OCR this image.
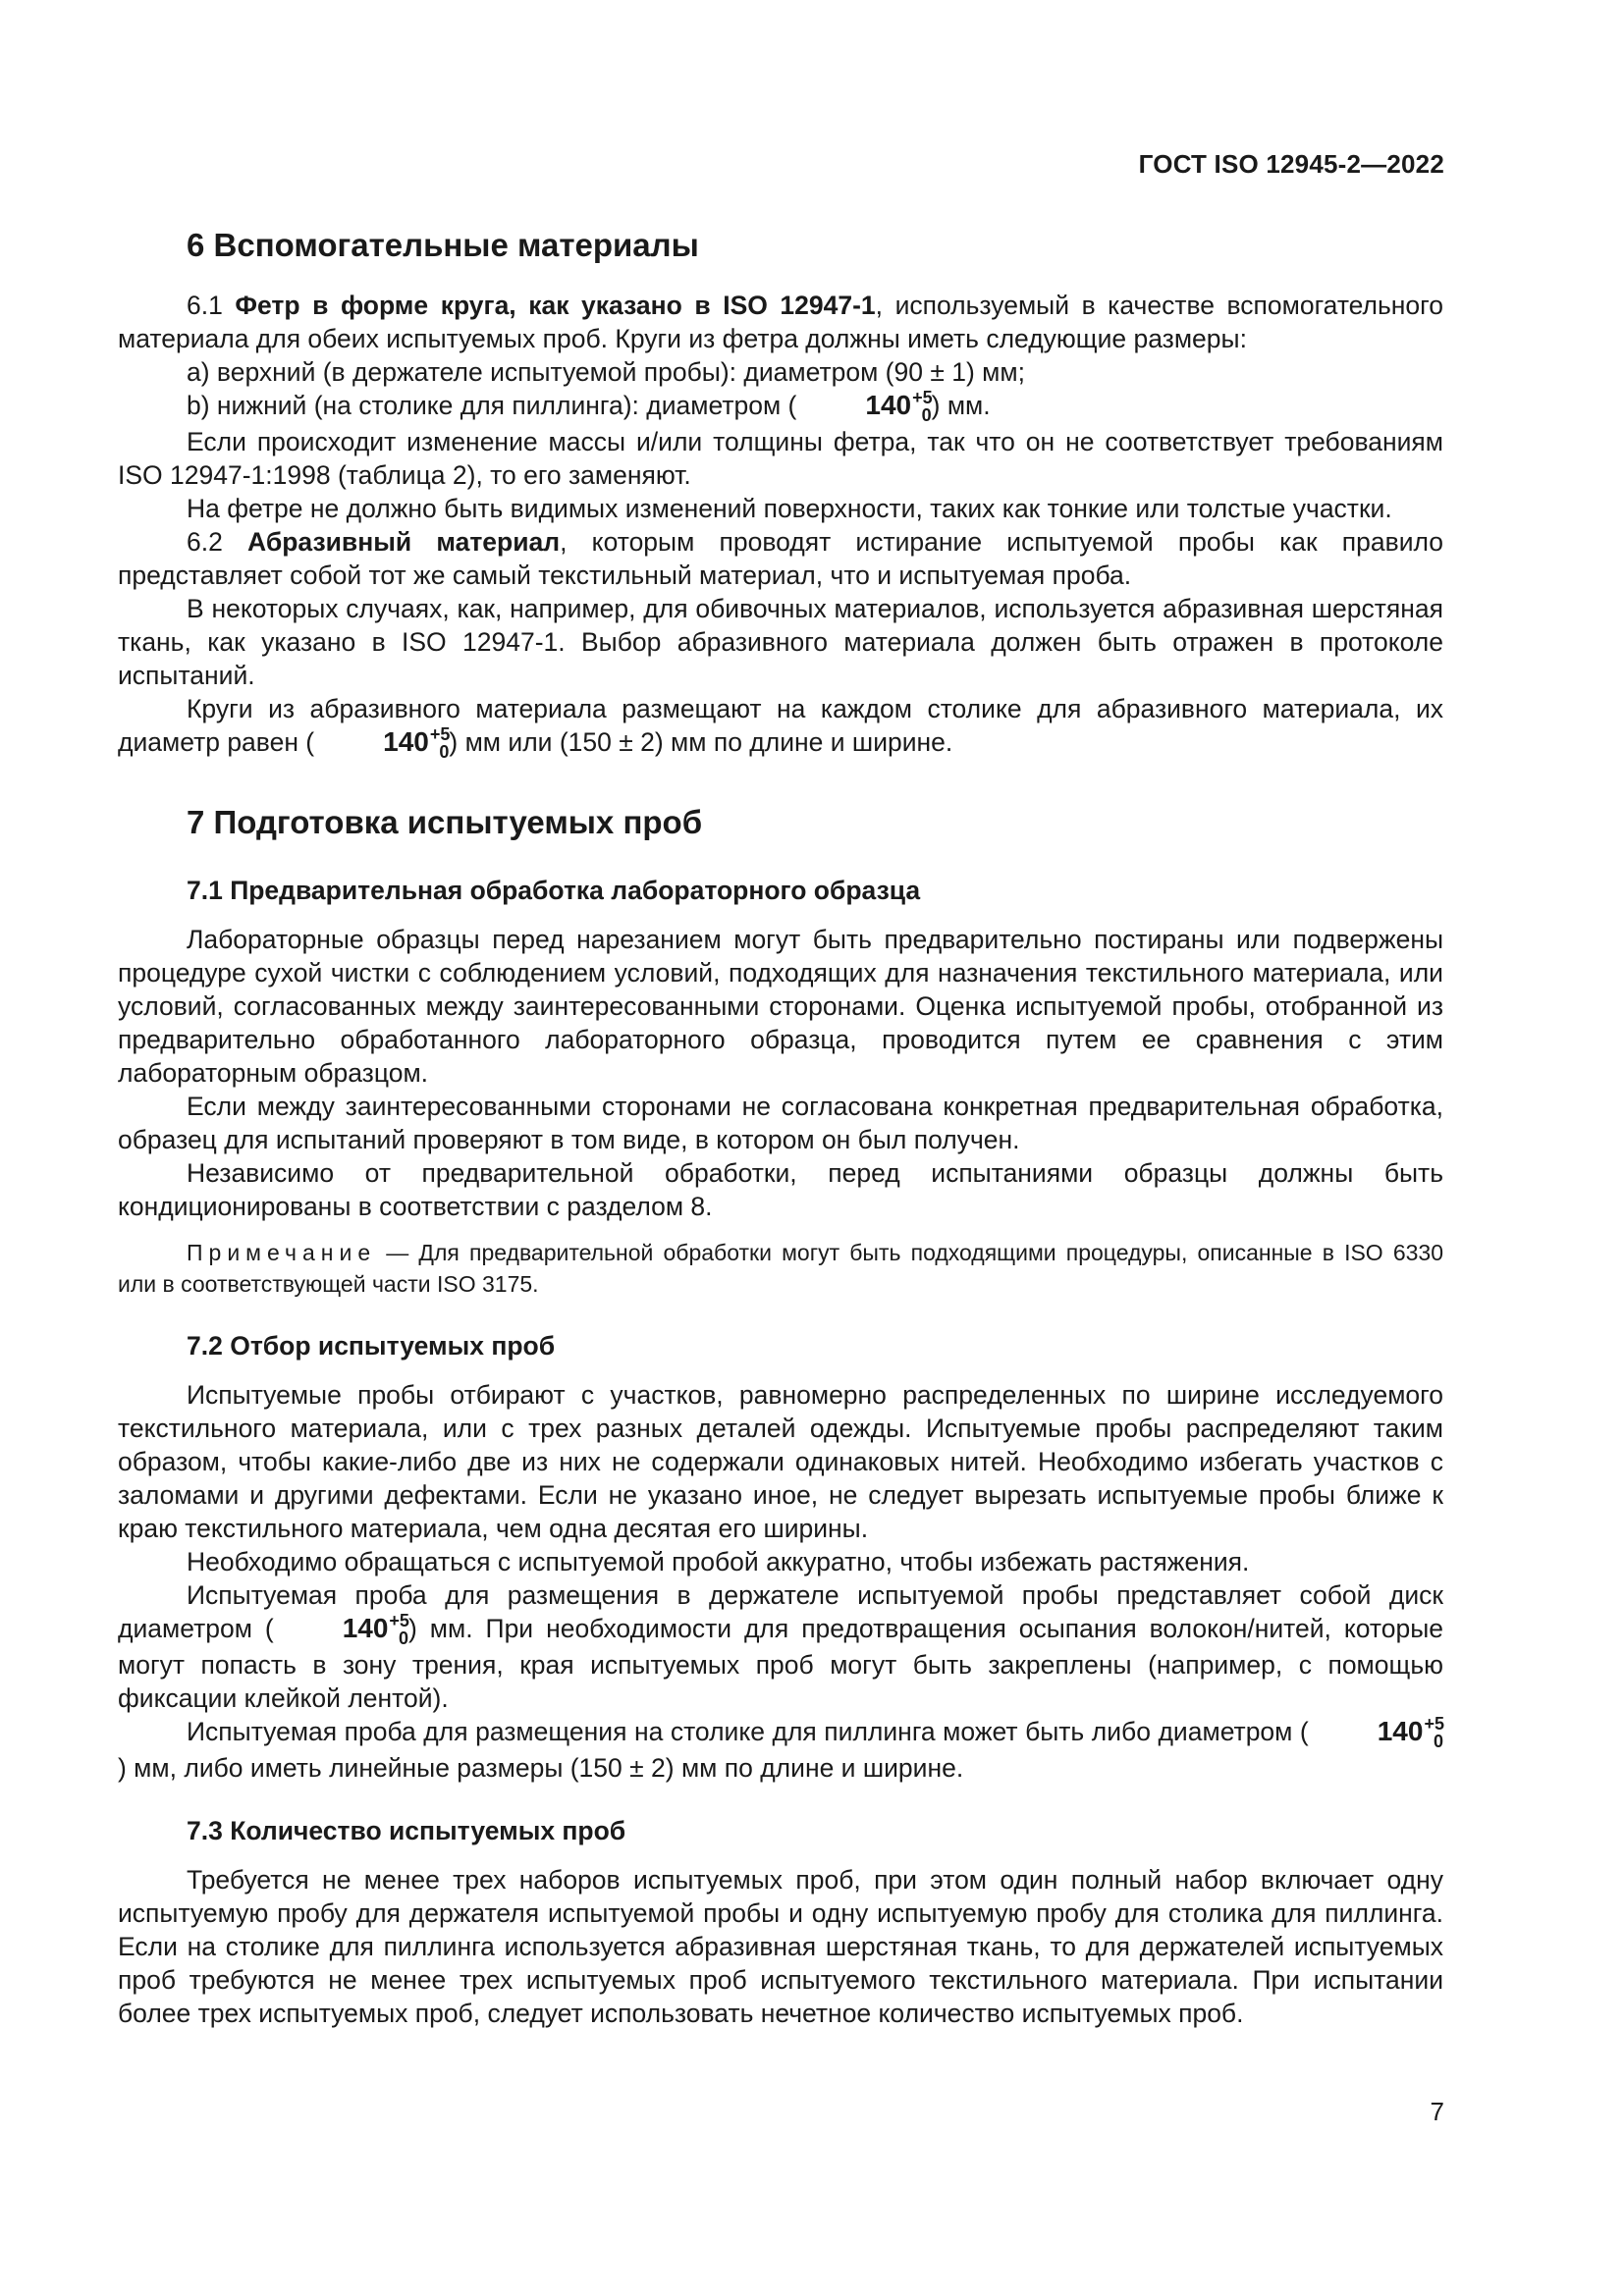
ГОСТ ISO 12945-2—2022
6 Вспомогательные материалы

6.1 Фетр в форме круга, как указано в ISO 12947-1, используемый в качестве вспомогательного материала для обеих испытуемых проб. Круги из фетра должны иметь следующие размеры:

а) верхний (в держателе испытуемой пробы): диаметром (90 ± 1) мм;

b) нижний (на столике для пиллинга): диаметром (	$140^{+5}_0$) мм.

Если происходит изменение массы и/или толщины фетра, так что он не соответствует требованиям ISO 12947-1:1998 (таблица 2), то его заменяют.

На фетре не должно быть видимых изменений поверхности, таких как тонкие или толстые участки.

6.2 Абразивный материал, которым проводят истирание испытуемой пробы как правило представляет собой тот же самый текстильный материал, что и испытуемая проба.

В некоторых случаях, как, например, для обивочных материалов, используется абразивная шерстяная ткань, как указано в ISO 12947-1. Выбор абразивного материала должен быть отражен в протоколе испытаний.

Круги из абразивного материала размещают на каждом столике для абразивного материала, их диаметр равен (	$140^{+5}_0$) мм или (150 ± 2) мм по длине и ширине.

7 Подготовка испытуемых проб
7.1 Предварительная обработка лабораторного образца

Лабораторные образцы перед нарезанием могут быть предварительно постираны или подвержены процедуре сухой чистки с соблюдением условий, подходящих для назначения текстильного материала, или условий, согласованных между заинтересованными сторонами. Оценка испытуемой пробы, отобранной из предварительно обработанного лабораторного образца, проводится путем ее сравнения с этим лабораторным образцом.

Если между заинтересованными сторонами не согласована конкретная предварительная обработка, образец для испытаний проверяют в том виде, в котором он был получен.

Независимо от предварительной обработки, перед испытаниями образцы должны быть кондиционированы в соответствии с разделом 8.

Примечание — Для предварительной обработки могут быть подходящими процедуры, описанные в ISO 6330 или в соответствующей части ISO 3175.

7.2 Отбор испытуемых проб

Испытуемые пробы отбирают с участков, равномерно распределенных по ширине исследуемого текстильного материала, или с трех разных деталей одежды. Испытуемые пробы распределяют таким образом, чтобы какие-либо две из них не содержали одинаковых нитей. Необходимо избегать участков с заломами и другими дефектами. Если не указано иное, не следует вырезать испытуемые пробы ближе к краю текстильного материала, чем одна десятая его ширины.

Необходимо обращаться с испытуемой пробой аккуратно, чтобы избежать растяжения.

Испытуемая проба для размещения в держателе испытуемой пробы представляет собой диск диаметром (	$140^{+5}_0$) мм. При необходимости для предотвращения осыпания волокон/нитей, которые могут попасть в зону трения, края испытуемых проб могут быть закреплены (например, с помощью фиксации клейкой лентой).

Испытуемая проба для размещения на столике для пиллинга может быть либо диаметром (	$140^{+5}_0$) мм, либо иметь линейные размеры (150 ± 2) мм по длине и ширине.

7.3 Количество испытуемых проб

Требуется не менее трех наборов испытуемых проб, при этом один полный набор включает одну испытуемую пробу для держателя испытуемой пробы и одну испытуемую пробу для столика для пиллинга. Если на столике для пиллинга используется абразивная шерстяная ткань, то для держателей испытуемых проб требуются не менее трех испытуемых проб испытуемого текстильного материала. При испытании более трех испытуемых проб, следует использовать нечетное количество испытуемых проб.

7
